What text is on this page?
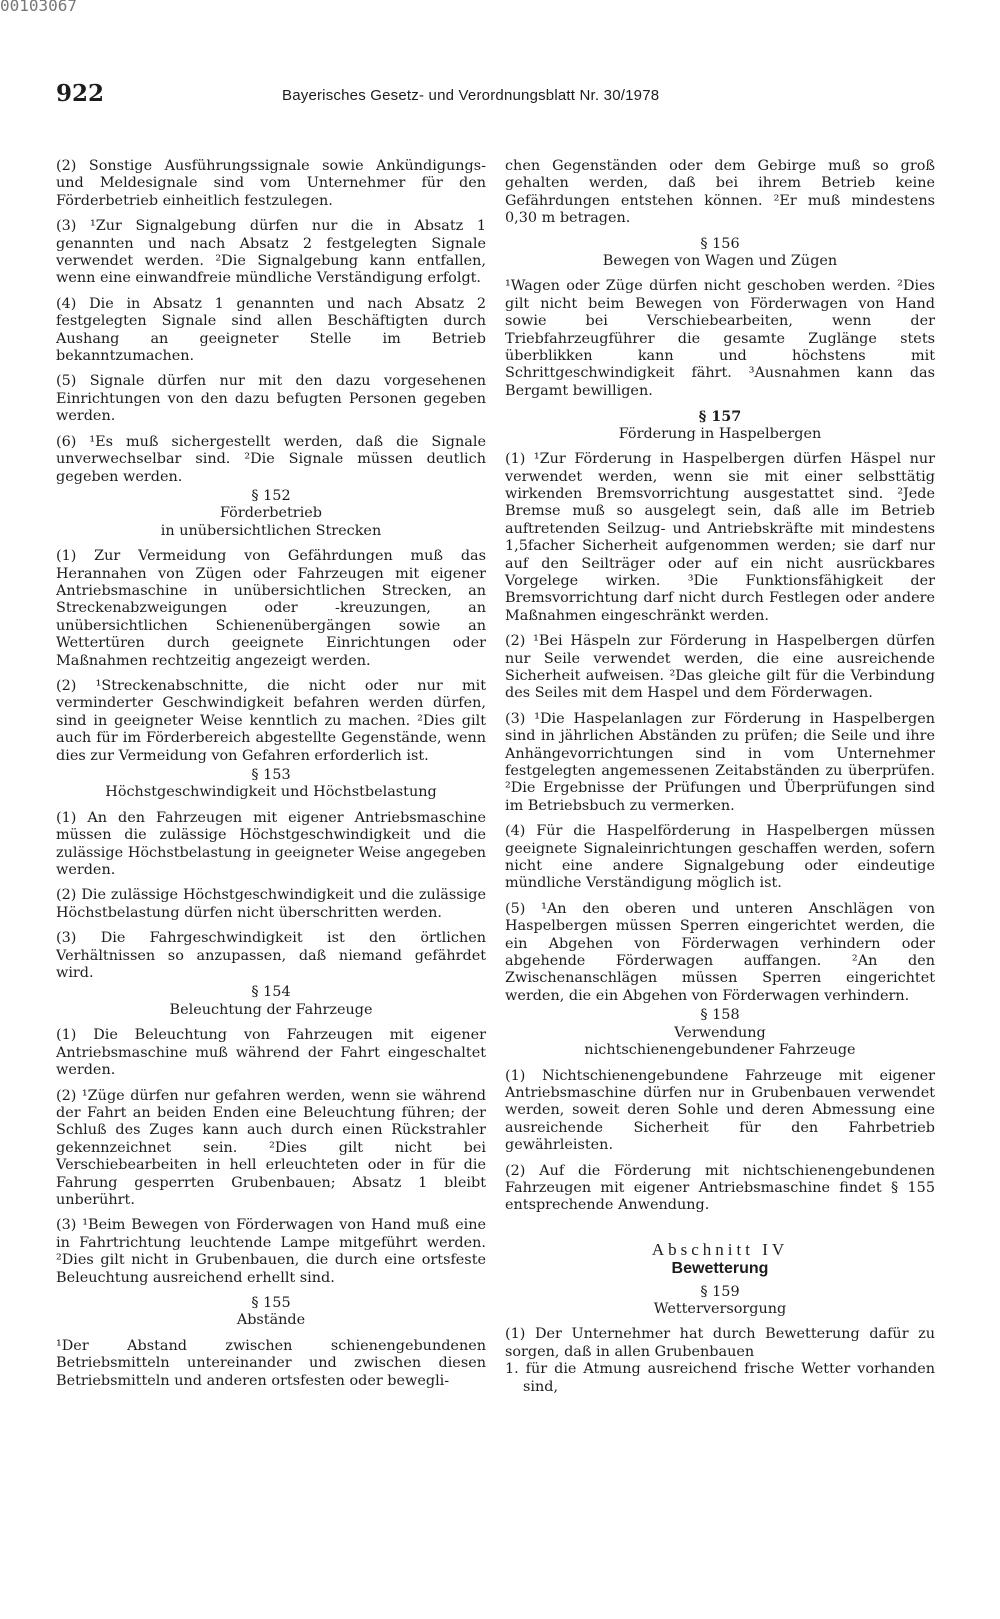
00103067
922	Bayerisches Gesetz- und Verordnungsblatt Nr. 30/1978

(2) Sonstige Ausführungssignale sowie Ankündigungs- und Meldesignale sind vom Unternehmer für den Förderbetrieb einheitlich festzulegen.

(3) ¹Zur Signalgebung dürfen nur die in Absatz 1 genannten und nach Absatz 2 festgelegten Signale verwendet werden. ²Die Signalgebung kann entfallen, wenn eine einwandfreie mündliche Verständigung erfolgt.

(4) Die in Absatz 1 genannten und nach Absatz 2 festgelegten Signale sind allen Beschäftigten durch Aushang an geeigneter Stelle im Betrieb bekanntzumachen.

(5) Signale dürfen nur mit den dazu vorgesehenen Einrichtungen von den dazu befugten Personen gegeben werden.

(6) ¹Es muß sichergestellt werden, daß die Signale unverwechselbar sind. ²Die Signale müssen deutlich gegeben werden.

§ 152
Förderbetrieb
in unübersichtlichen Strecken

(1) Zur Vermeidung von Gefährdungen muß das Herannahen von Zügen oder Fahrzeugen mit eigener Antriebsmaschine in unübersichtlichen Strecken, an Streckenabzweigungen oder -kreuzungen, an unübersichtlichen Schienenübergängen sowie an Wettertüren durch geeignete Einrichtungen oder Maßnahmen rechtzeitig angezeigt werden.

(2) ¹Streckenabschnitte, die nicht oder nur mit verminderter Geschwindigkeit befahren werden dürfen, sind in geeigneter Weise kenntlich zu machen. ²Dies gilt auch für im Förderbereich abgestellte Gegenstände, wenn dies zur Vermeidung von Gefahren erforderlich ist.

§ 153
Höchstgeschwindigkeit und Höchstbelastung

(1) An den Fahrzeugen mit eigener Antriebsmaschine müssen die zulässige Höchstgeschwindigkeit und die zulässige Höchstbelastung in geeigneter Weise angegeben werden.

(2) Die zulässige Höchstgeschwindigkeit und die zulässige Höchstbelastung dürfen nicht überschritten werden.

(3) Die Fahrgeschwindigkeit ist den örtlichen Verhältnissen so anzupassen, daß niemand gefährdet wird.

§ 154
Beleuchtung der Fahrzeuge

(1) Die Beleuchtung von Fahrzeugen mit eigener Antriebsmaschine muß während der Fahrt eingeschaltet werden.

(2) ¹Züge dürfen nur gefahren werden, wenn sie während der Fahrt an beiden Enden eine Beleuchtung führen; der Schluß des Zuges kann auch durch einen Rückstrahler gekennzeichnet sein. ²Dies gilt nicht bei Verschiebearbeiten in hell erleuchteten oder in für die Fahrung gesperrten Grubenbauen; Absatz 1 bleibt unberührt.

(3) ¹Beim Bewegen von Förderwagen von Hand muß eine in Fahrtrichtung leuchtende Lampe mitgeführt werden. ²Dies gilt nicht in Grubenbauen, die durch eine ortsfeste Beleuchtung ausreichend erhellt sind.

§ 155
Abstände

¹Der Abstand zwischen schienengebundenen Betriebsmitteln untereinander und zwischen diesen Betriebsmitteln und anderen ortsfesten oder bewegli-

chen Gegenständen oder dem Gebirge muß so groß gehalten werden, daß bei ihrem Betrieb keine Gefährdungen entstehen können. ²Er muß mindestens 0,30 m betragen.

§ 156
Bewegen von Wagen und Zügen

¹Wagen oder Züge dürfen nicht geschoben werden. ²Dies gilt nicht beim Bewegen von Förderwagen von Hand sowie bei Verschiebearbeiten, wenn der Triebfahrzeugführer die gesamte Zuglänge stets überblikken kann und höchstens mit Schrittgeschwindigkeit fährt. ³Ausnahmen kann das Bergamt bewilligen.

§ 157
Förderung in Haspelbergen

(1) ¹Zur Förderung in Haspelbergen dürfen Häspel nur verwendet werden, wenn sie mit einer selbsttätig wirkenden Bremsvorrichtung ausgestattet sind. ²Jede Bremse muß so ausgelegt sein, daß alle im Betrieb auftretenden Seilzug- und Antriebskräfte mit mindestens 1,5facher Sicherheit aufgenommen werden; sie darf nur auf den Seilträger oder auf ein nicht ausrückbares Vorgelege wirken. ³Die Funktionsfähigkeit der Bremsvorrichtung darf nicht durch Festlegen oder andere Maßnahmen eingeschränkt werden.

(2) ¹Bei Häspeln zur Förderung in Haspelbergen dürfen nur Seile verwendet werden, die eine ausreichende Sicherheit aufweisen. ²Das gleiche gilt für die Verbindung des Seiles mit dem Haspel und dem Förderwagen.

(3) ¹Die Haspelanlagen zur Förderung in Haspelbergen sind in jährlichen Abständen zu prüfen; die Seile und ihre Anhängevorrichtungen sind in vom Unternehmer festgelegten angemessenen Zeitabständen zu überprüfen. ²Die Ergebnisse der Prüfungen und Überprüfungen sind im Betriebsbuch zu vermerken.

(4) Für die Haspelförderung in Haspelbergen müssen geeignete Signaleinrichtungen geschaffen werden, sofern nicht eine andere Signalgebung oder eindeutige mündliche Verständigung möglich ist.

(5) ¹An den oberen und unteren Anschlägen von Haspelbergen müssen Sperren eingerichtet werden, die ein Abgehen von Förderwagen verhindern oder abgehende Förderwagen auffangen. ²An den Zwischenanschlägen müssen Sperren eingerichtet werden, die ein Abgehen von Förderwagen verhindern.

§ 158
Verwendung
nichtschienengebundener Fahrzeuge

(1) Nichtschienengebundene Fahrzeuge mit eigener Antriebsmaschine dürfen nur in Grubenbauen verwendet werden, soweit deren Sohle und deren Abmessung eine ausreichende Sicherheit für den Fahrbetrieb gewährleisten.

(2) Auf die Förderung mit nichtschienengebundenen Fahrzeugen mit eigener Antriebsmaschine findet § 155 entsprechende Anwendung.

Abschnitt IV
Bewetterung
§ 159
Wetterversorgung

(1) Der Unternehmer hat durch Bewetterung dafür zu sorgen, daß in allen Grubenbauen

1. für die Atmung ausreichend frische Wetter vorhanden sind,
